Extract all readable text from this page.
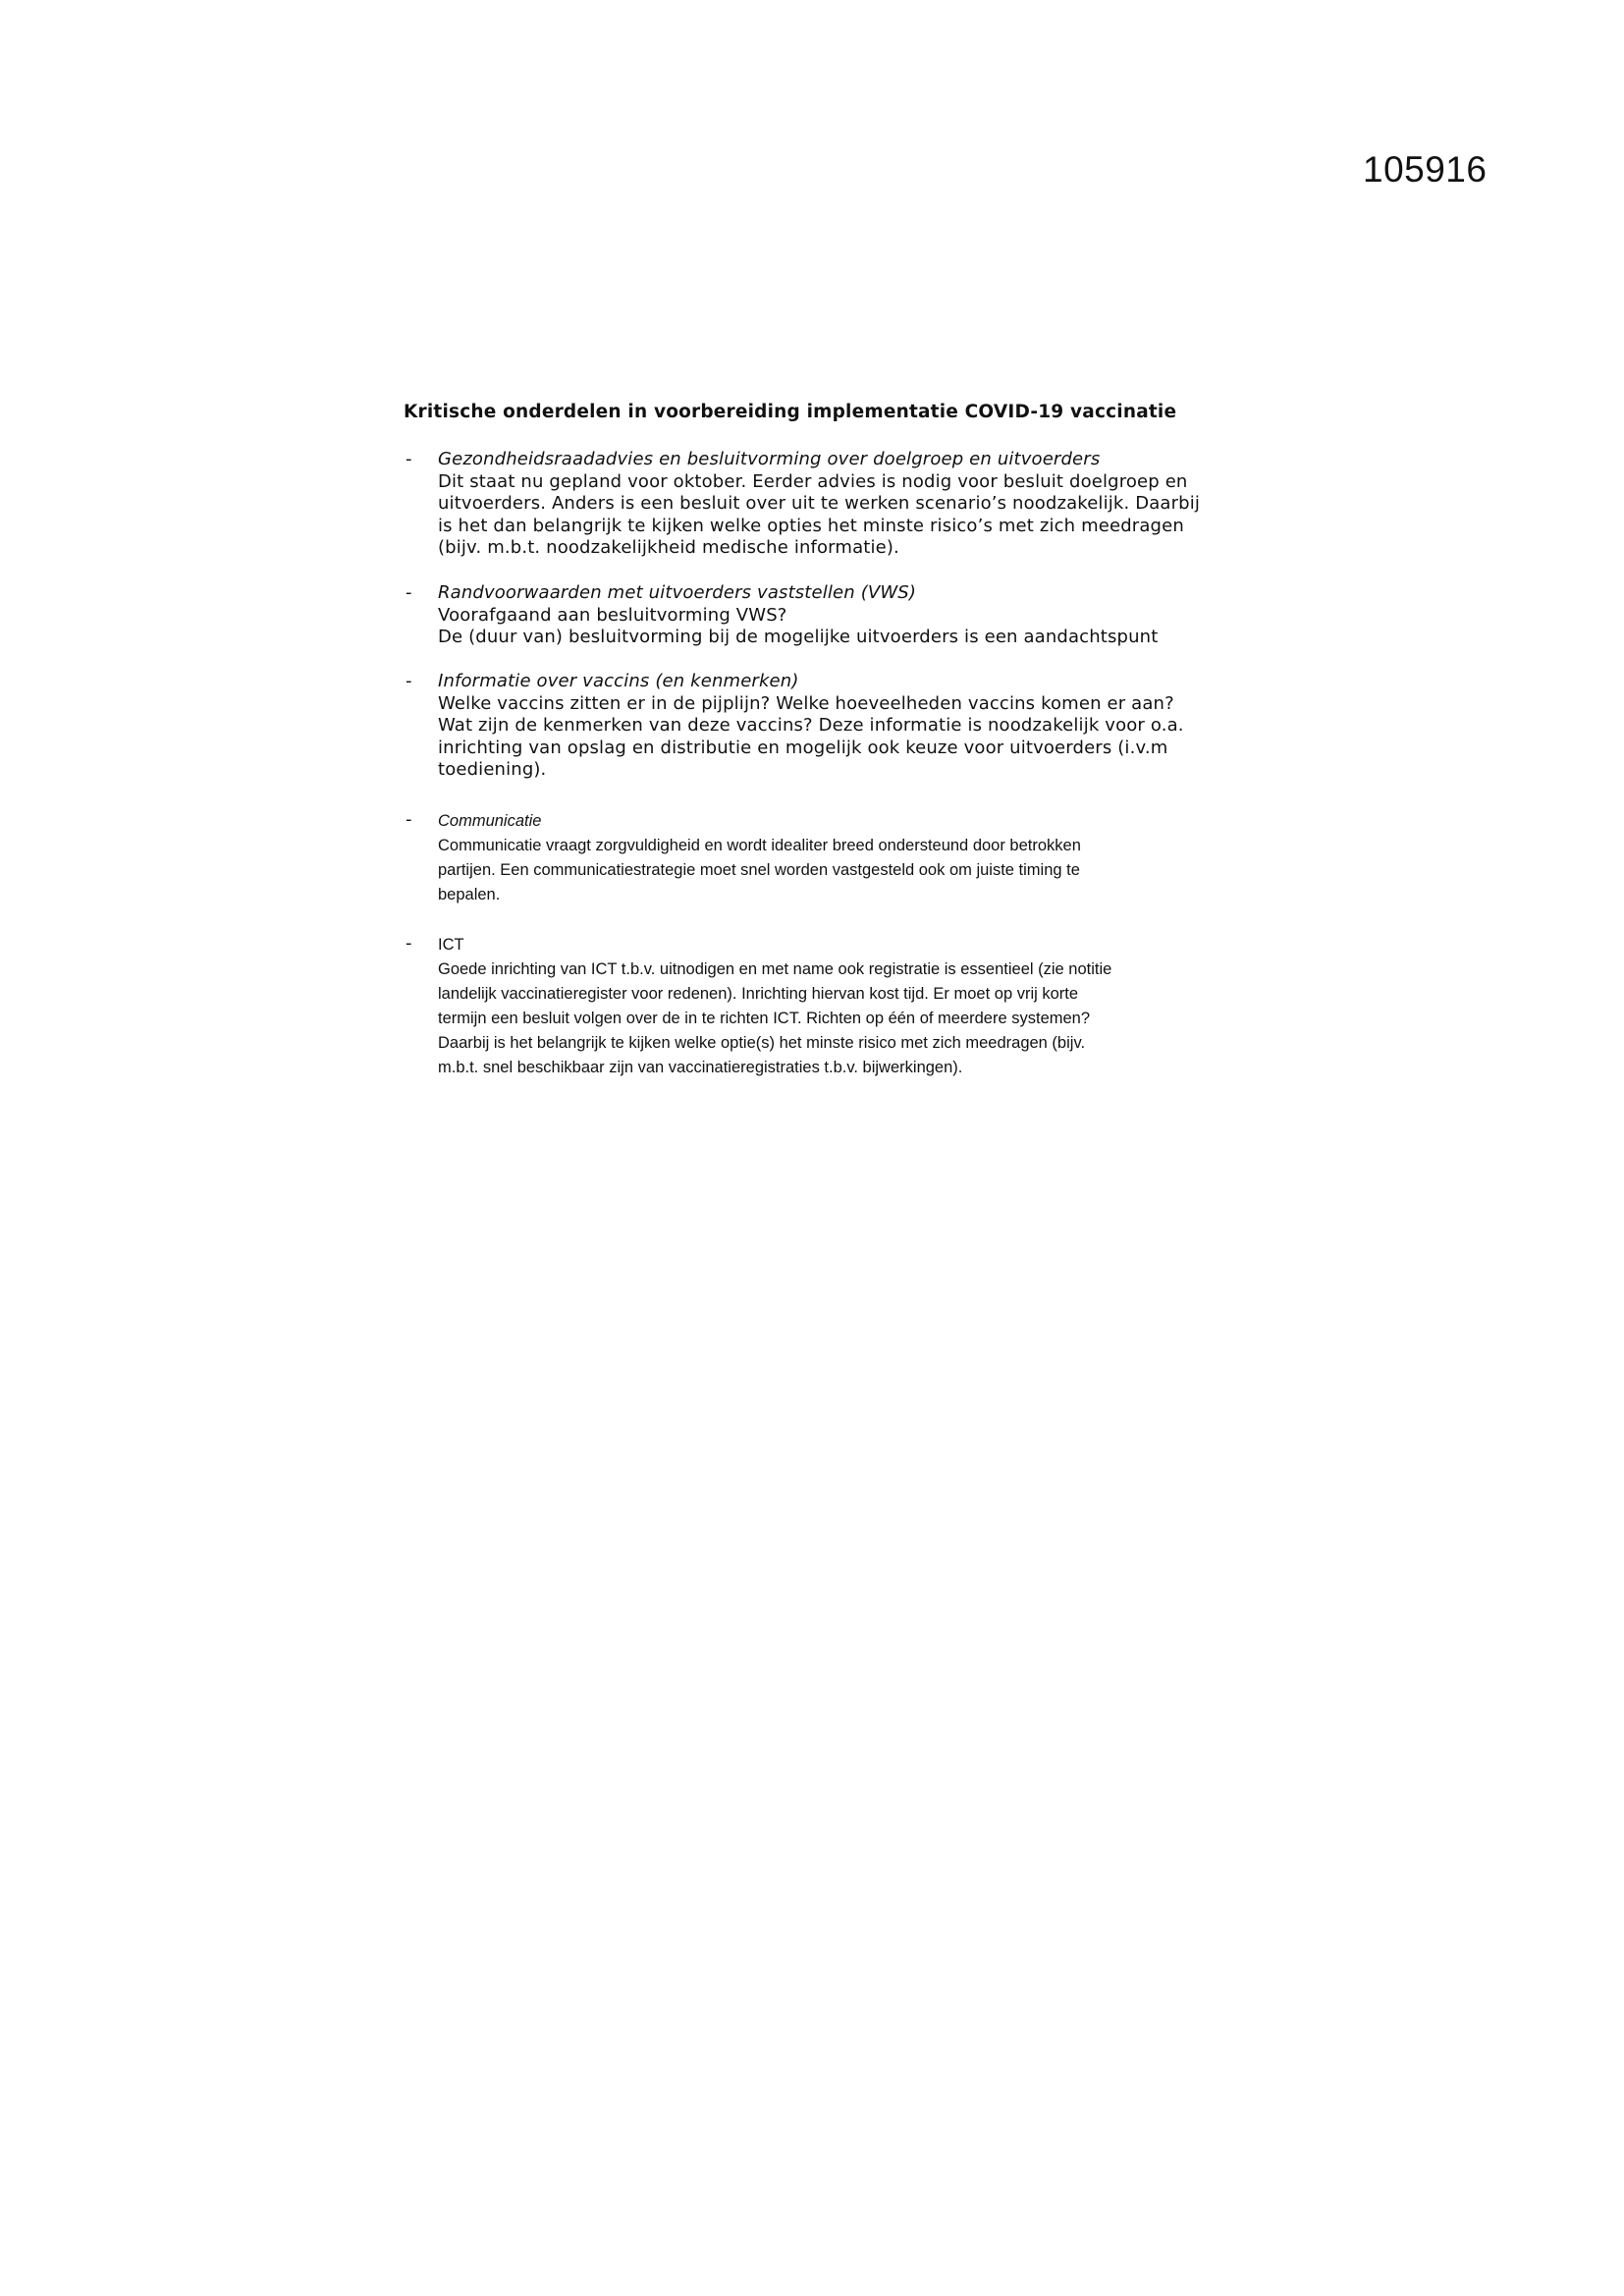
105916
Kritische onderdelen in voorbereiding implementatie COVID-19 vaccinatie
- Gezondheidsraadadvies en besluitvorming over doelgroep en uitvoerders
Dit staat nu gepland voor oktober. Eerder advies is nodig voor besluit doelgroep en
uitvoerders. Anders is een besluit over uit te werken scenario’s noodzakelijk. Daarbij
is het dan belangrijk te kijken welke opties het minste risico’s met zich meedragen
(bijv. m.b.t. noodzakelijkheid medische informatie).
- Randvoorwaarden met uitvoerders vaststellen (VWS)
Voorafgaand aan besluitvorming VWS?
De (duur van) besluitvorming bij de mogelijke uitvoerders is een aandachtspunt
- Informatie over vaccins (en kenmerken)
Welke vaccins zitten er in de pijplijn? Welke hoeveelheden vaccins komen er aan?
Wat zijn de kenmerken van deze vaccins? Deze informatie is noodzakelijk voor o.a.
inrichting van opslag en distributie en mogelijk ook keuze voor uitvoerders (i.v.m
toediening).
- Communicatie
Communicatie vraagt zorgvuldigheid en wordt idealiter breed ondersteund door betrokken
partijen. Een communicatiestrategie moet snel worden vastgesteld ook om juiste timing te
bepalen.
- ICT
Goede inrichting van ICT t.b.v. uitnodigen en met name ook registratie is essentieel (zie notitie
landelijk vaccinatieregister voor redenen). Inrichting hiervan kost tijd. Er moet op vrij korte
termijn een besluit volgen over de in te richten ICT. Richten op één of meerdere systemen?
Daarbij is het belangrijk te kijken welke optie(s) het minste risico met zich meedragen (bijv.
m.b.t. snel beschikbaar zijn van vaccinatieregistraties t.b.v. bijwerkingen).
